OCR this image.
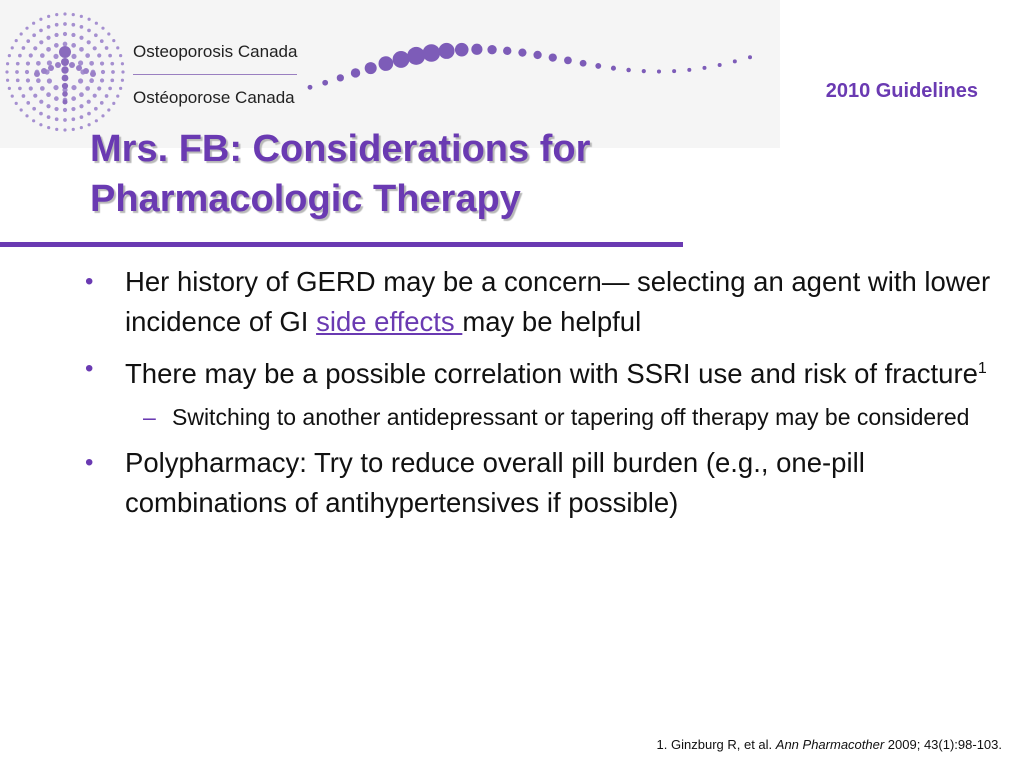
Osteoporosis Canada
Ostéoporose Canada	2010 Guidelines
Mrs. FB: Considerations for
Pharmacologic Therapy
• Her history of GERD may be a concern— selecting an agent with lower incidence of GI side effects may be helpful
• There may be a possible correlation with SSRI use and risk of fracture$^1$
– Switching to another antidepressant or tapering off therapy may be considered
• Polypharmacy: Try to reduce overall pill burden (e.g., one-pill combinations of antihypertensives if possible)
1. Ginzburg R, et al. Ann Pharmacother 2009; 43(1):98-103.
